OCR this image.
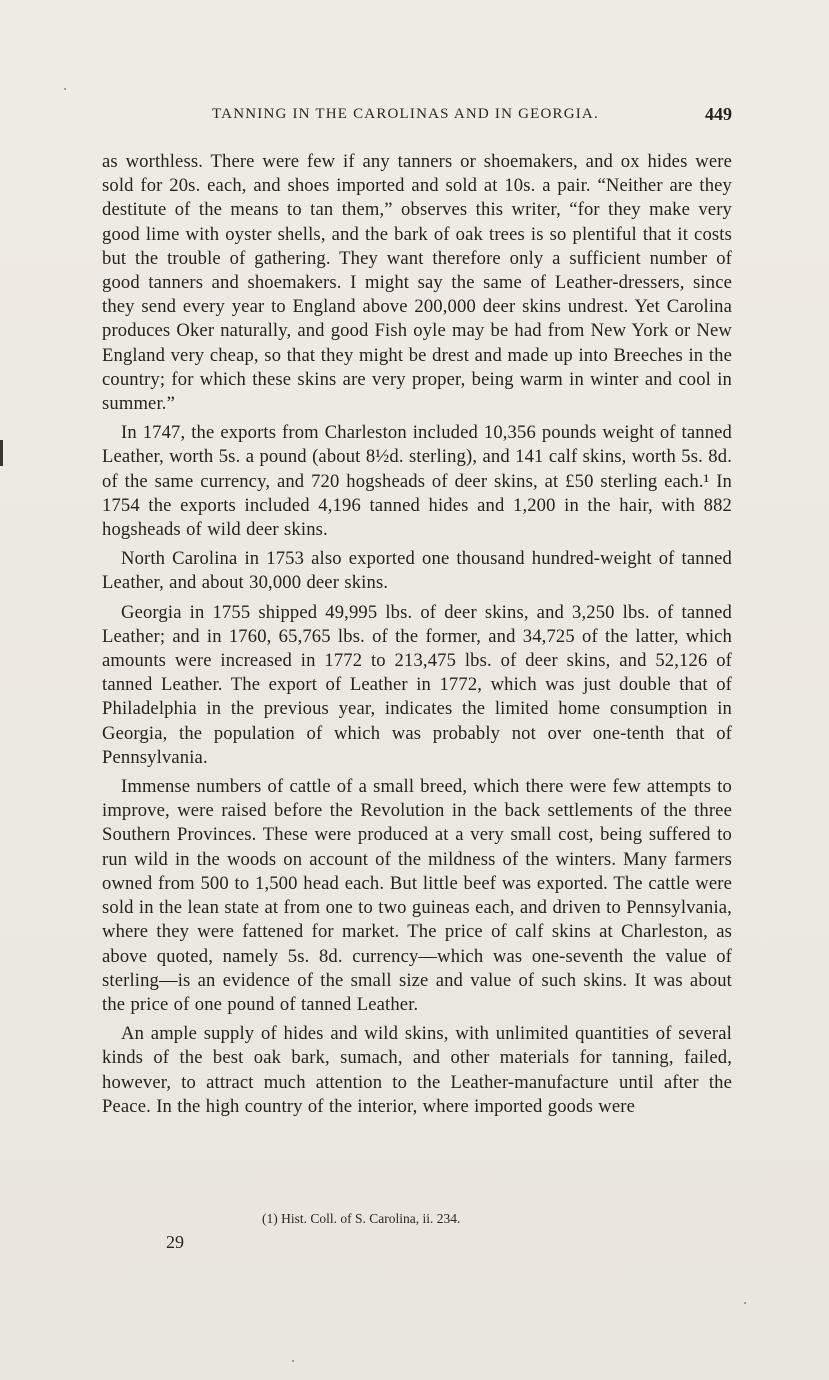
TANNING IN THE CAROLINAS AND IN GEORGIA.	449

as worthless. There were few if any tanners or shoemakers, and ox hides were sold for 20s. each, and shoes imported and sold at 10s. a pair. “Neither are they destitute of the means to tan them,” observes this writer, “for they make very good lime with oyster shells, and the bark of oak trees is so plentiful that it costs but the trouble of gathering. They want therefore only a sufficient number of good tanners and shoemakers. I might say the same of Leather-dressers, since they send every year to England above 200,000 deer skins undrest. Yet Carolina produces Oker naturally, and good Fish oyle may be had from New York or New England very cheap, so that they might be drest and made up into Breeches in the country; for which these skins are very proper, being warm in winter and cool in summer.”

In 1747, the exports from Charleston included 10,356 pounds weight of tanned Leather, worth 5s. a pound (about 8½d. sterling), and 141 calf skins, worth 5s. 8d. of the same currency, and 720 hogsheads of deer skins, at £50 sterling each.¹ In 1754 the exports included 4,196 tanned hides and 1,200 in the hair, with 882 hogsheads of wild deer skins.

North Carolina in 1753 also exported one thousand hundred-weight of tanned Leather, and about 30,000 deer skins.

Georgia in 1755 shipped 49,995 lbs. of deer skins, and 3,250 lbs. of tanned Leather; and in 1760, 65,765 lbs. of the former, and 34,725 of the latter, which amounts were increased in 1772 to 213,475 lbs. of deer skins, and 52,126 of tanned Leather. The export of Leather in 1772, which was just double that of Philadelphia in the previous year, indicates the limited home consumption in Georgia, the population of which was probably not over one-tenth that of Pennsylvania.

Immense numbers of cattle of a small breed, which there were few attempts to improve, were raised before the Revolution in the back settlements of the three Southern Provinces. These were produced at a very small cost, being suffered to run wild in the woods on account of the mildness of the winters. Many farmers owned from 500 to 1,500 head each. But little beef was exported. The cattle were sold in the lean state at from one to two guineas each, and driven to Pennsylvania, where they were fattened for market. The price of calf skins at Charleston, as above quoted, namely 5s. 8d. currency—which was one-seventh the value of sterling—is an evidence of the small size and value of such skins. It was about the price of one pound of tanned Leather.

An ample supply of hides and wild skins, with unlimited quantities of several kinds of the best oak bark, sumach, and other materials for tanning, failed, however, to attract much attention to the Leather-manufacture until after the Peace. In the high country of the interior, where imported goods were

(1) Hist. Coll. of S. Carolina, ii. 234.
29
